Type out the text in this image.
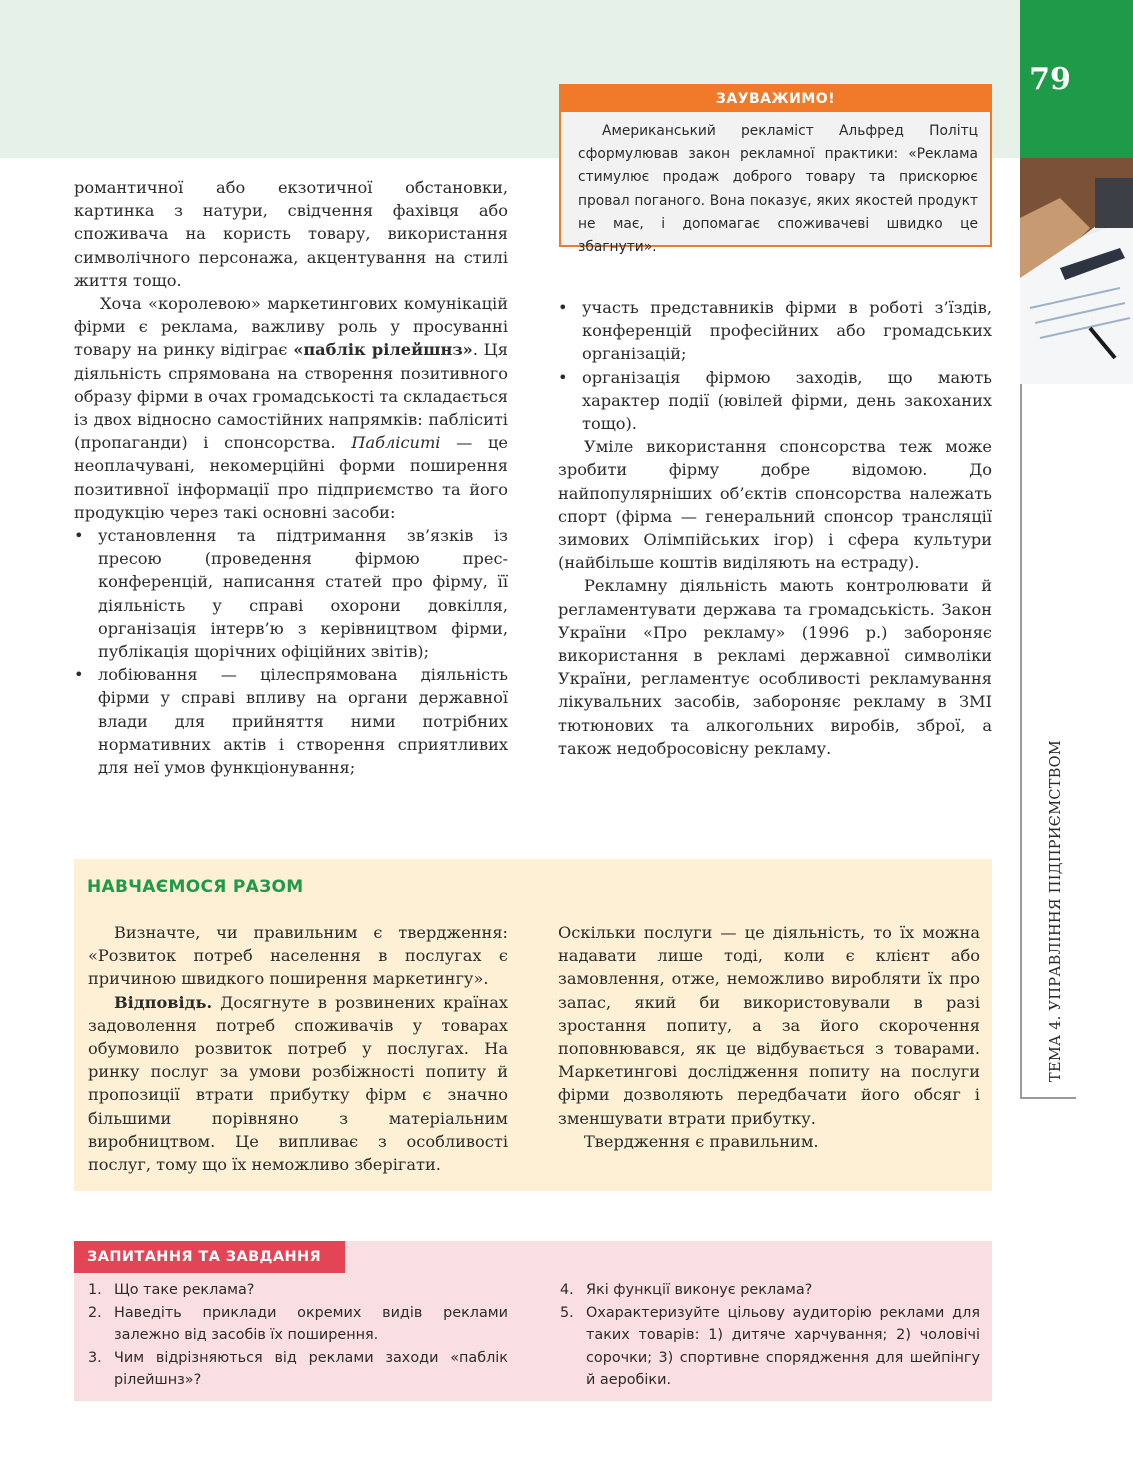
79
ТЕМА 4. УПРАВЛІННЯ ПІДПРИЄМСТВОМ
ЗАУВАЖИМО!
Американський рекламіст Альфред Політц сформулював закон рекламної практики: «Реклама стимулює продаж доброго товару та прискорює провал поганого. Вона показує, яких якостей продукт не має, і допомагає споживачеві швидко це збагнути».

романтичної або екзотичної обстановки, картинка з натури, свідчення фахівця або споживача на користь товару, використання символічного персонажа, акцентування на стилі життя тощо.

Хоча «королевою» маркетингових комунікацій фірми є реклама, важливу роль у просуванні товару на ринку відіграє «паблік рілейшнз». Ця діяльність спрямована на створення позитивного образу фірми в очах громадськості та складається із двох відносно самостійних напрямків: пабліситі (пропаганди) і спонсорства. Пабліситі — це неоплачувані, некомерційні форми поширення позитивної інформації про підприємство та його продукцію через такі основні засоби:

• установлення та підтримання зв’язків із пресою (проведення фірмою прес-конференцій, написання статей про фірму, її діяльність у справі охорони довкілля, організація інтерв’ю з керівництвом фірми, публікація щорічних офіційних звітів);
• лобіювання — цілеспрямована діяльність фірми у справі впливу на органи державної влади для прийняття ними потрібних нормативних актів і створення сприятливих для неї умов функціонування;
• участь представників фірми в роботі з’їздів, конференцій професійних або громадських організацій;
• організація фірмою заходів, що мають характер події (ювілей фірми, день закоханих тощо).

Уміле використання спонсорства теж може зробити фірму добре відомою. До найпопулярніших об’єктів спонсорства належать спорт (фірма — генеральний спонсор трансляції зимових Олімпійських ігор) і сфера культури (найбільше коштів виділяють на естраду).

Рекламну діяльність мають контролювати й регламентувати держава та громадськість. Закон України «Про рекламу» (1996 р.) забороняє використання в рекламі державної символіки України, регламентує особливості рекламування лікувальних засобів, забороняє рекламу в ЗМІ тютюнових та алкогольних виробів, зброї, а також недобросовісну рекламу.

НАВЧАЄМОСЯ РАЗОМ

Визначте, чи правильним є твердження: «Розвиток потреб населення в послугах є причиною швидкого поширення маркетингу».

Відповідь. Досягнуте в розвинених країнах задоволення потреб споживачів у товарах обумовило розвиток потреб у послугах. На ринку послуг за умови розбіжності попиту й пропозиції втрати прибутку фірм є значно більшими порівняно з матеріальним виробництвом. Це випливає з особливості послуг, тому що їх неможливо зберігати.

Оскільки послуги — це діяльність, то їх можна надавати лише тоді, коли є клієнт або замовлення, отже, неможливо виробляти їх про запас, який би використовували в разі зростання попиту, а за його скорочення поповнювався, як це відбувається з товарами. Маркетингові дослідження попиту на послуги фірми дозволяють передбачати його обсяг і зменшувати втрати прибутку.

Твердження є правильним.

ЗАПИТАННЯ ТА ЗАВДАННЯ
1. Що таке реклама?
2. Наведіть приклади окремих видів реклами залежно від засобів їх поширення.
3. Чим відрізняються від реклами заходи «паблік рілейшнз»?
4. Які функції виконує реклама?
5. Охарактеризуйте цільову аудиторію реклами для таких товарів: 1) дитяче харчування; 2) чоловічі сорочки; 3) спортивне спорядження для шейпінгу й аеробіки.
